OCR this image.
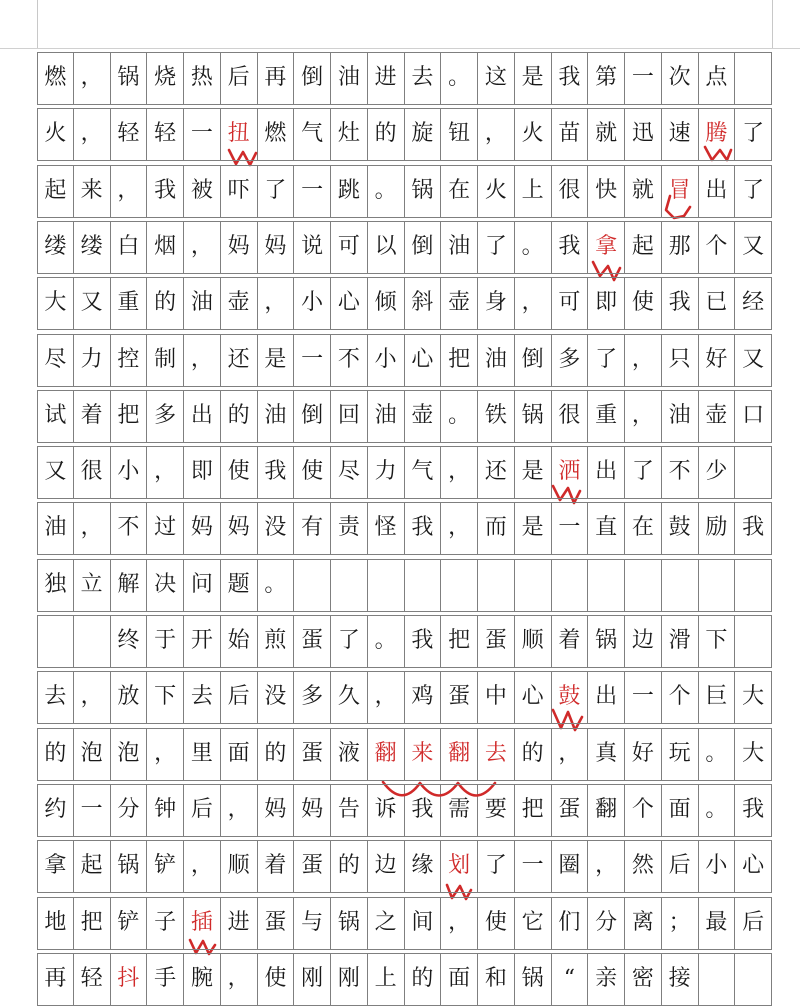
燃 ， 锅 烧 热 后 再 倒 油 进 去 。 这 是 我 第 一 次 点
火 ， 轻 轻 一 扭 燃 气 灶 的 旋 钮 ， 火 苗 就 迅 速 腾 了
起 来 ， 我 被 吓 了 一 跳 。 锅 在 火 上 很 快 就 冒 出 了
缕 缕 白 烟 ， 妈 妈 说 可 以 倒 油 了 。 我 拿 起 那 个 又
大 又 重 的 油 壶 ， 小 心 倾 斜 壶 身 ， 可 即 使 我 已 经
尽 力 控 制 ， 还 是 一 不 小 心 把 油 倒 多 了 ， 只 好 又
试 着 把 多 出 的 油 倒 回 油 壶 。 铁 锅 很 重 ， 油 壶 口
又 很 小 ， 即 使 我 使 尽 力 气 ， 还 是 洒 出 了 不 少
油 ， 不 过 妈 妈 没 有 责 怪 我 ， 而 是 一 直 在 鼓 励 我
独 立 解 决 问 题 。
终 于 开 始 煎 蛋 了 。 我 把 蛋 顺 着 锅 边 滑 下
去 ， 放 下 去 后 没 多 久 ， 鸡 蛋 中 心 鼓 出 一 个 巨 大
的 泡 泡 ， 里 面 的 蛋 液 翻 来 翻 去 的 ， 真 好 玩 。 大
约 一 分 钟 后 ， 妈 妈 告 诉 我 需 要 把 蛋 翻 个 面 。 我
拿 起 锅 铲 ， 顺 着 蛋 的 边 缘 划 了 一 圈 ， 然 后 小 心
地 把 铲 子 插 进 蛋 与 锅 之 间 ， 使 它 们 分 离 ； 最 后
再 轻 抖 手 腕 ， 使 刚 刚 上 的 面 和 锅 “ 亲 密 接
